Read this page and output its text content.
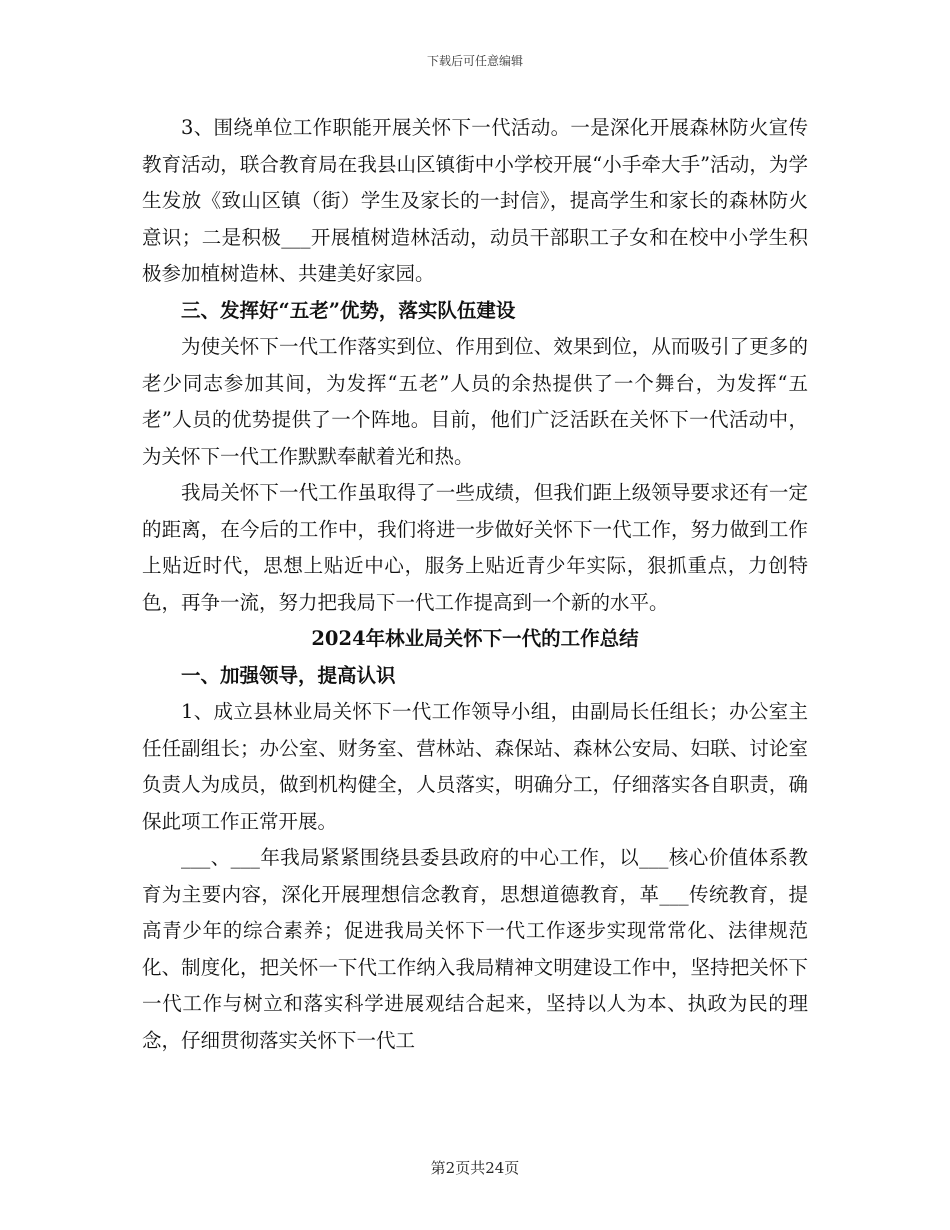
下载后可任意编辑

3、围绕单位工作职能开展关怀下一代活动。一是深化开展森林防火宣传教育活动，联合教育局在我县山区镇街中小学校开展“小手牵大手”活动，为学生发放《致山区镇（街）学生及家长的一封信》，提高学生和家长的森林防火意识；二是积极___开展植树造林活动，动员干部职工子女和在校中小学生积极参加植树造林、共建美好家园。

三、发挥好“五老”优势，落实队伍建设

为使关怀下一代工作落实到位、作用到位、效果到位，从而吸引了更多的老少同志参加其间，为发挥“五老”人员的余热提供了一个舞台，为发挥“五老”人员的优势提供了一个阵地。目前，他们广泛活跃在关怀下一代活动中，为关怀下一代工作默默奉献着光和热。

我局关怀下一代工作虽取得了一些成绩，但我们距上级领导要求还有一定的距离，在今后的工作中，我们将进一步做好关怀下一代工作，努力做到工作上贴近时代，思想上贴近中心，服务上贴近青少年实际，狠抓重点，力创特色，再争一流，努力把我局下一代工作提高到一个新的水平。

2024年林业局关怀下一代的工作总结

一、加强领导，提高认识

1、成立县林业局关怀下一代工作领导小组，由副局长任组长；办公室主任任副组长；办公室、财务室、营林站、森保站、森林公安局、妇联、讨论室负责人为成员，做到机构健全，人员落实，明确分工，仔细落实各自职责，确保此项工作正常开展。

___、___年我局紧紧围绕县委县政府的中心工作，以___核心价值体系教育为主要内容，深化开展理想信念教育，思想道德教育，革___传统教育，提高青少年的综合素养；促进我局关怀下一代工作逐步实现常常化、法律规范化、制度化，把关怀一下代工作纳入我局精神文明建设工作中，坚持把关怀下一代工作与树立和落实科学进展观结合起来，坚持以人为本、执政为民的理念，仔细贯彻落实关怀下一代工

第2页共24页
